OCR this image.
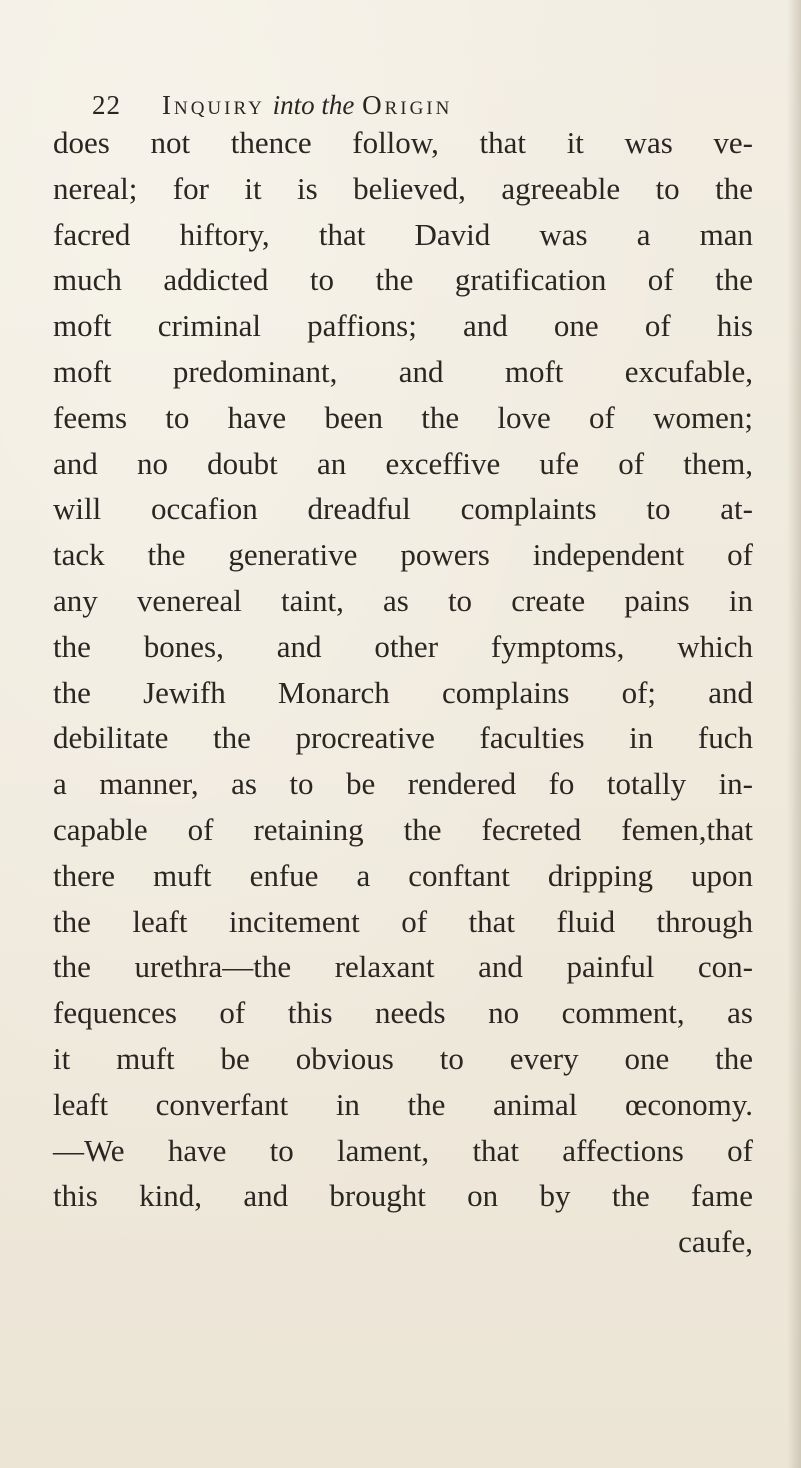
22 Inquiry into the Origin
does not thence follow, that it was ve-
nereal; for it is believed, agreeable to the
facred hiftory, that David was a man
much addicted to the gratification of the
moft criminal paffions; and one of his
moft predominant, and moft excufable,
feems to have been the love of women;
and no doubt an exceffive ufe of them,
will occafion dreadful complaints to at-
tack the generative powers independent of
any venereal taint, as to create pains in
the bones, and other fymptoms, which
the Jewifh Monarch complains of; and
debilitate the procreative faculties in fuch
a manner, as to be rendered fo totally in-
capable of retaining the fecreted femen,that
there muft enfue a conftant dripping upon
the leaft incitement of that fluid through
the urethra—the relaxant and painful con-
fequences of this needs no comment, as
it muft be obvious to every one the
leaft converfant in the animal œconomy.
—We have to lament, that affections of
this kind, and brought on by the fame
caufe,
